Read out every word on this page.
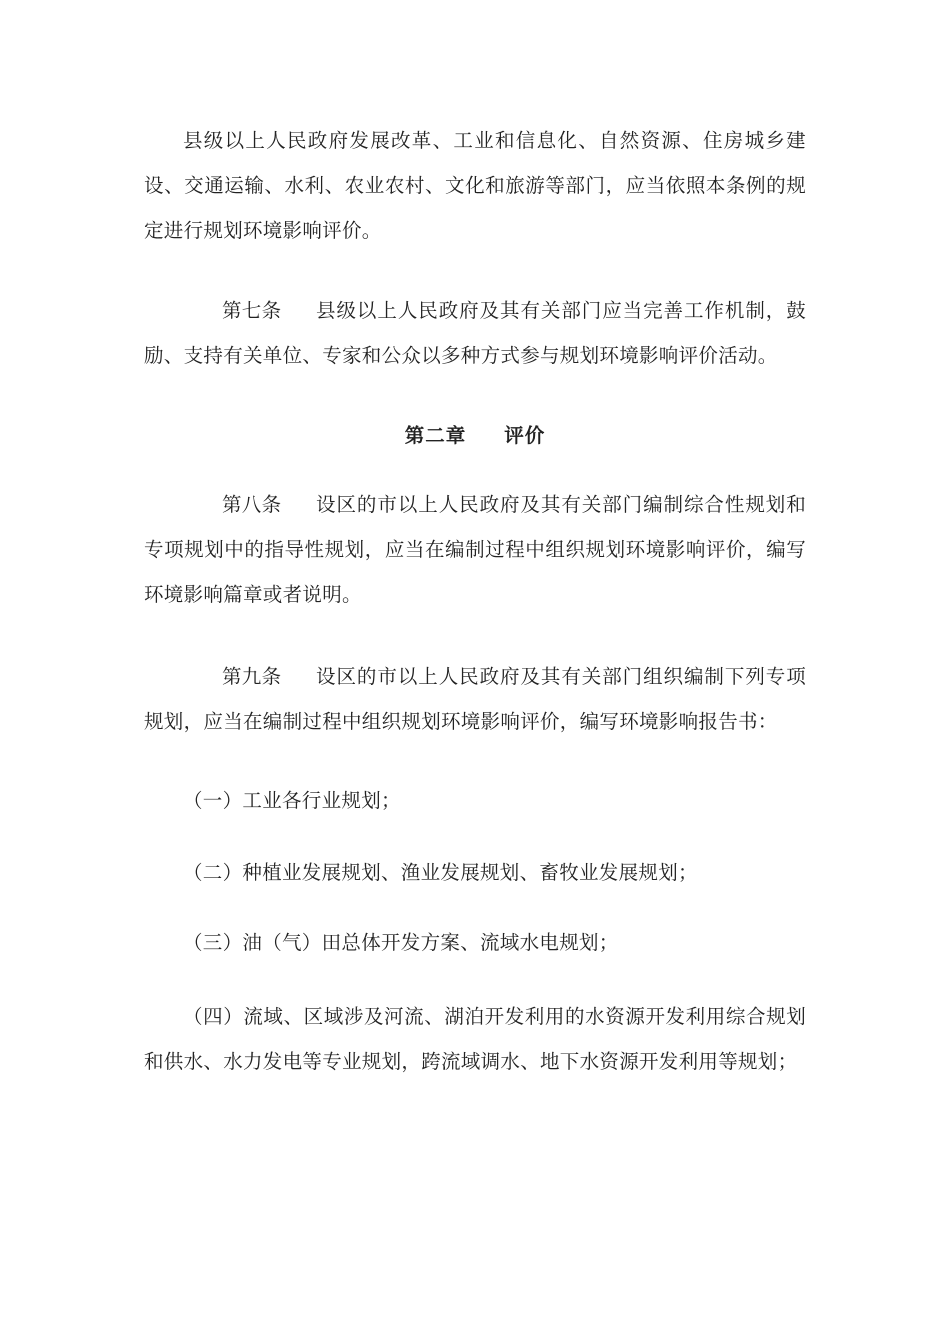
县级以上人民政府发展改革、工业和信息化、自然资源、住房城乡建设、交通运输、水利、农业农村、文化和旅游等部门，应当依照本条例的规定进行规划环境影响评价。

第七条 县级以上人民政府及其有关部门应当完善工作机制，鼓励、支持有关单位、专家和公众以多种方式参与规划环境影响评价活动。

第二章 评价

第八条 设区的市以上人民政府及其有关部门编制综合性规划和专项规划中的指导性规划，应当在编制过程中组织规划环境影响评价，编写环境影响篇章或者说明。

第九条 设区的市以上人民政府及其有关部门组织编制下列专项规划，应当在编制过程中组织规划环境影响评价，编写环境影响报告书：

（一）工业各行业规划；

（二）种植业发展规划、渔业发展规划、畜牧业发展规划；

（三）油（气）田总体开发方案、流域水电规划；

（四）流域、区域涉及河流、湖泊开发利用的水资源开发利用综合规划和供水、水力发电等专业规划，跨流域调水、地下水资源开发利用等规划；
